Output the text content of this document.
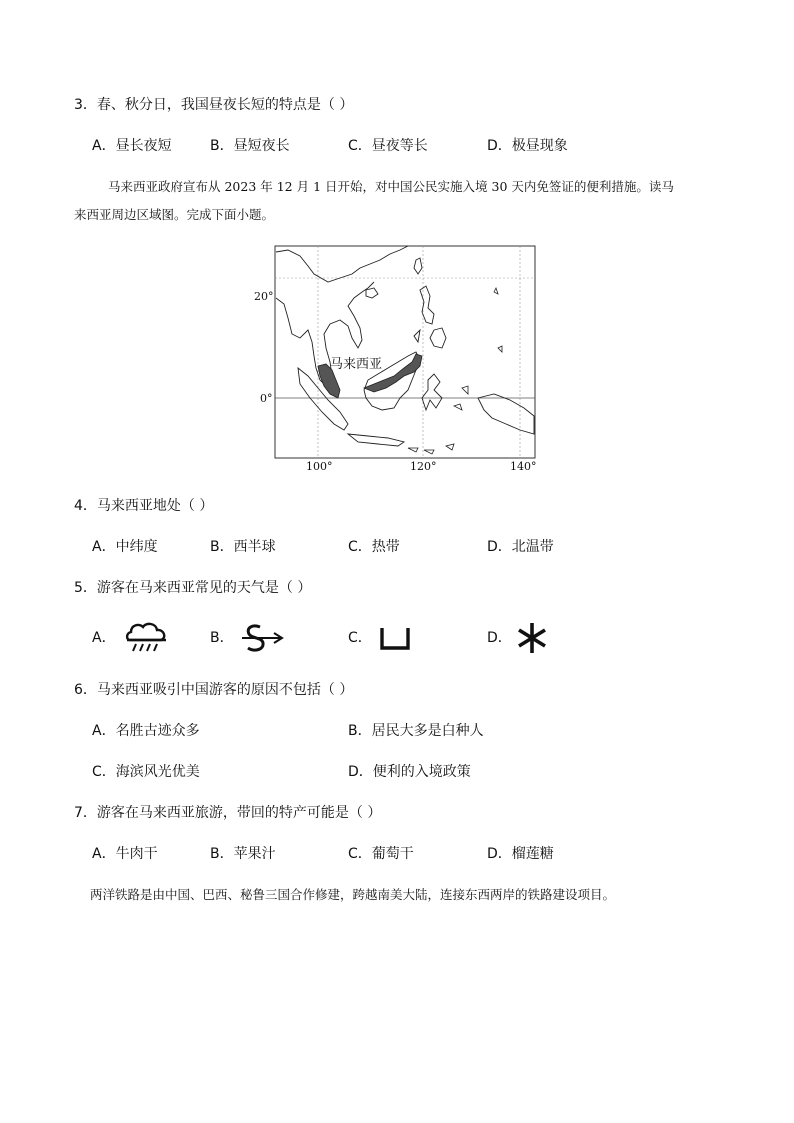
3．春、秋分日，我国昼夜长短的特点是（ ）
A．昼长夜短	B．昼短夜长	C．昼夜等长	D．极昼现象
马来西亚政府宣布从 2023 年 12 月 1 日开始，对中国公民实施入境 30 天内免签证的便利措施。读马
来西亚周边区域图。完成下面小题。
马来西亚
20°
0°
100°	120°	140°
4．马来西亚地处（ ）
A．中纬度	B．西半球	C．热带	D．北温带
5．游客在马来西亚常见的天气是（ ）
A．	B．	C．	D．
6．马来西亚吸引中国游客的原因不包括（ ）
A．名胜古迹众多	B．居民大多是白种人
C．海滨风光优美	D．便利的入境政策
7．游客在马来西亚旅游，带回的特产可能是（ ）
A．牛肉干	B．苹果汁	C．葡萄干	D．榴莲糖
两洋铁路是由中国、巴西、秘鲁三国合作修建，跨越南美大陆，连接东西两岸的铁路建设项目。
